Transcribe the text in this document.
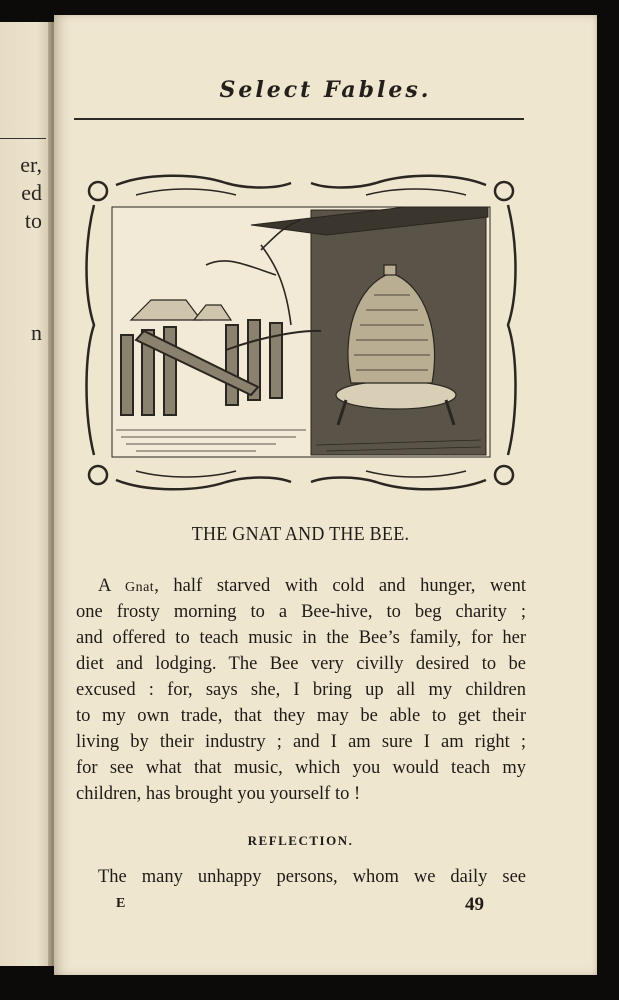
er,
ed
to
n
Select Fables.
THE GNAT AND THE BEE.
A Gnat, half starved with cold and hunger, went
one frosty morning to a Bee-hive, to beg charity ;
and offered to teach music in the Bee’s family, for her
diet and lodging. The Bee very civilly desired to be
excused : for, says she, I bring up all my children
to my own trade, that they may be able to get their
living by their industry ; and I am sure I am right ;
for see what that music, which you would teach my
children, has brought you yourself to !
REFLECTION.
The many unhappy persons, whom we daily see
E	49
